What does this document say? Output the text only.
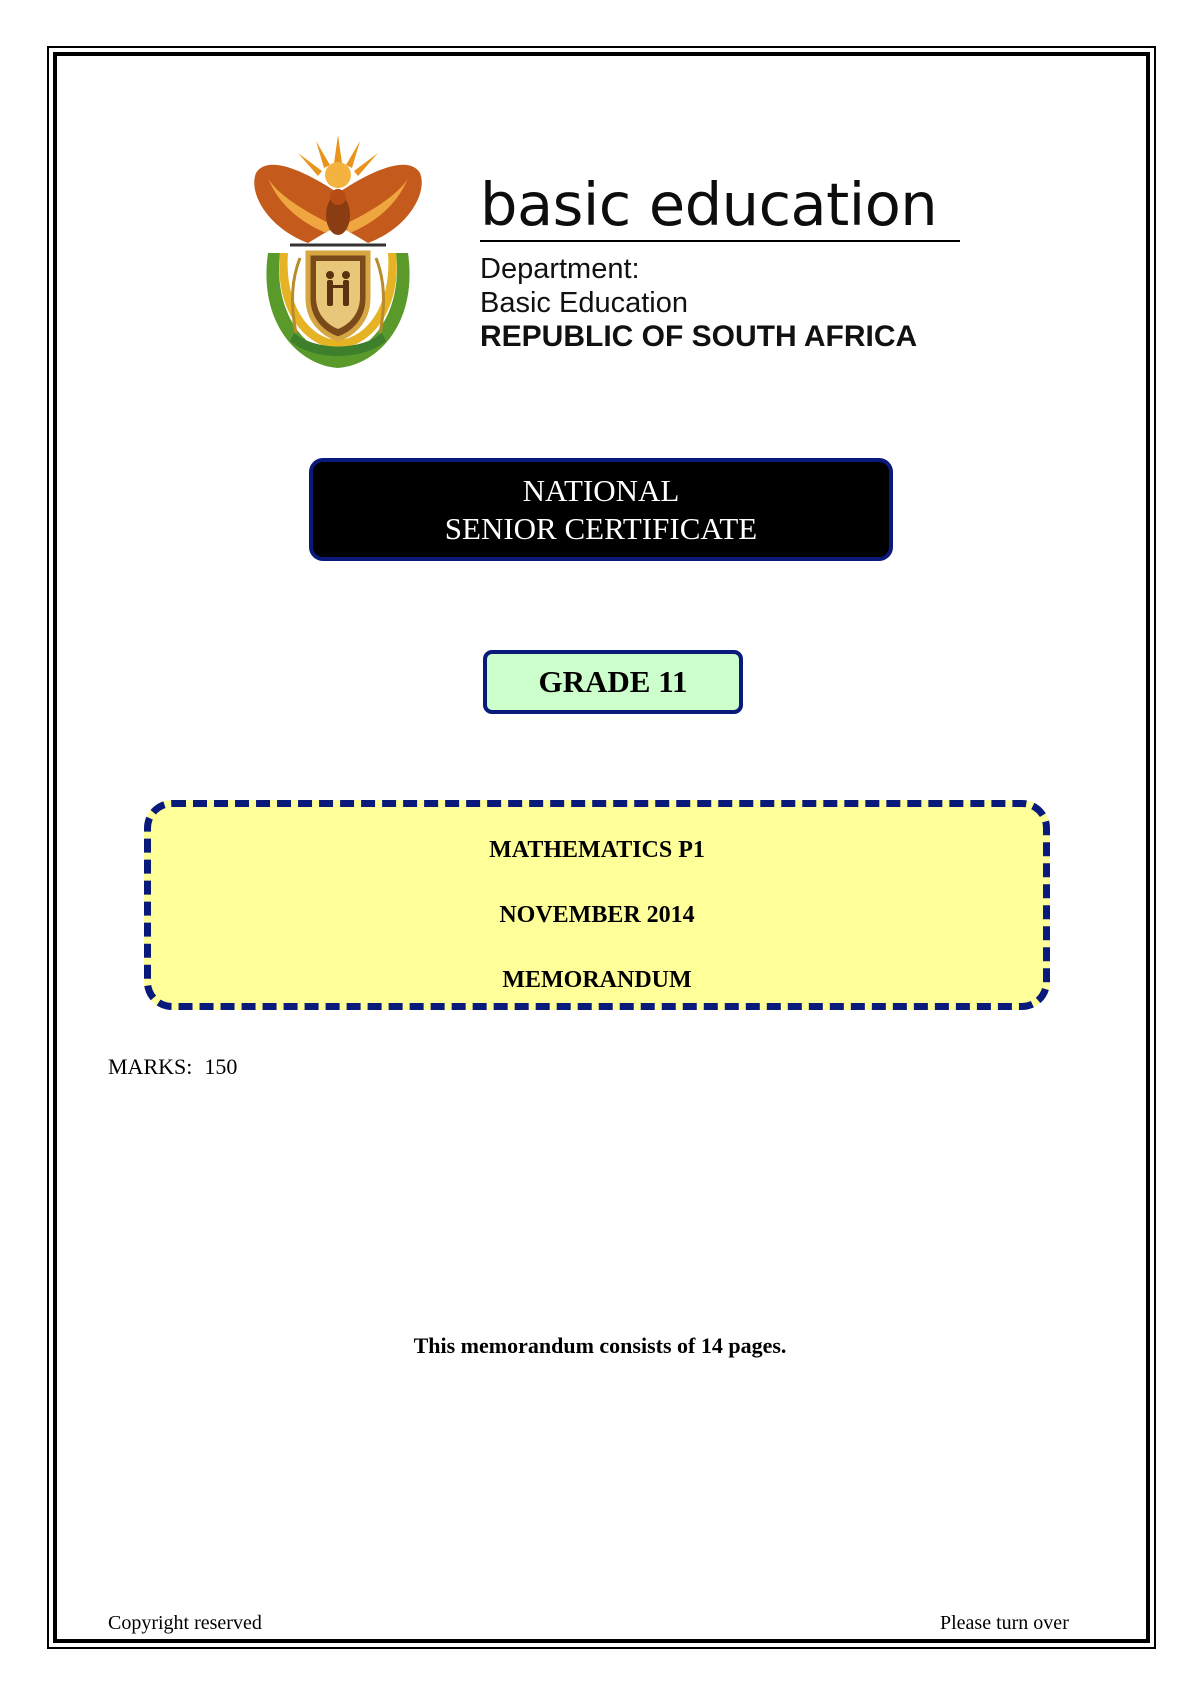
basic education
Department:
Basic Education
REPUBLIC OF SOUTH AFRICA
NATIONAL
SENIOR CERTIFICATE
GRADE 11
MATHEMATICS P1
NOVEMBER 2014
MEMORANDUM
MARKS: 150
This memorandum consists of 14 pages.
Copyright reserved	Please turn over
